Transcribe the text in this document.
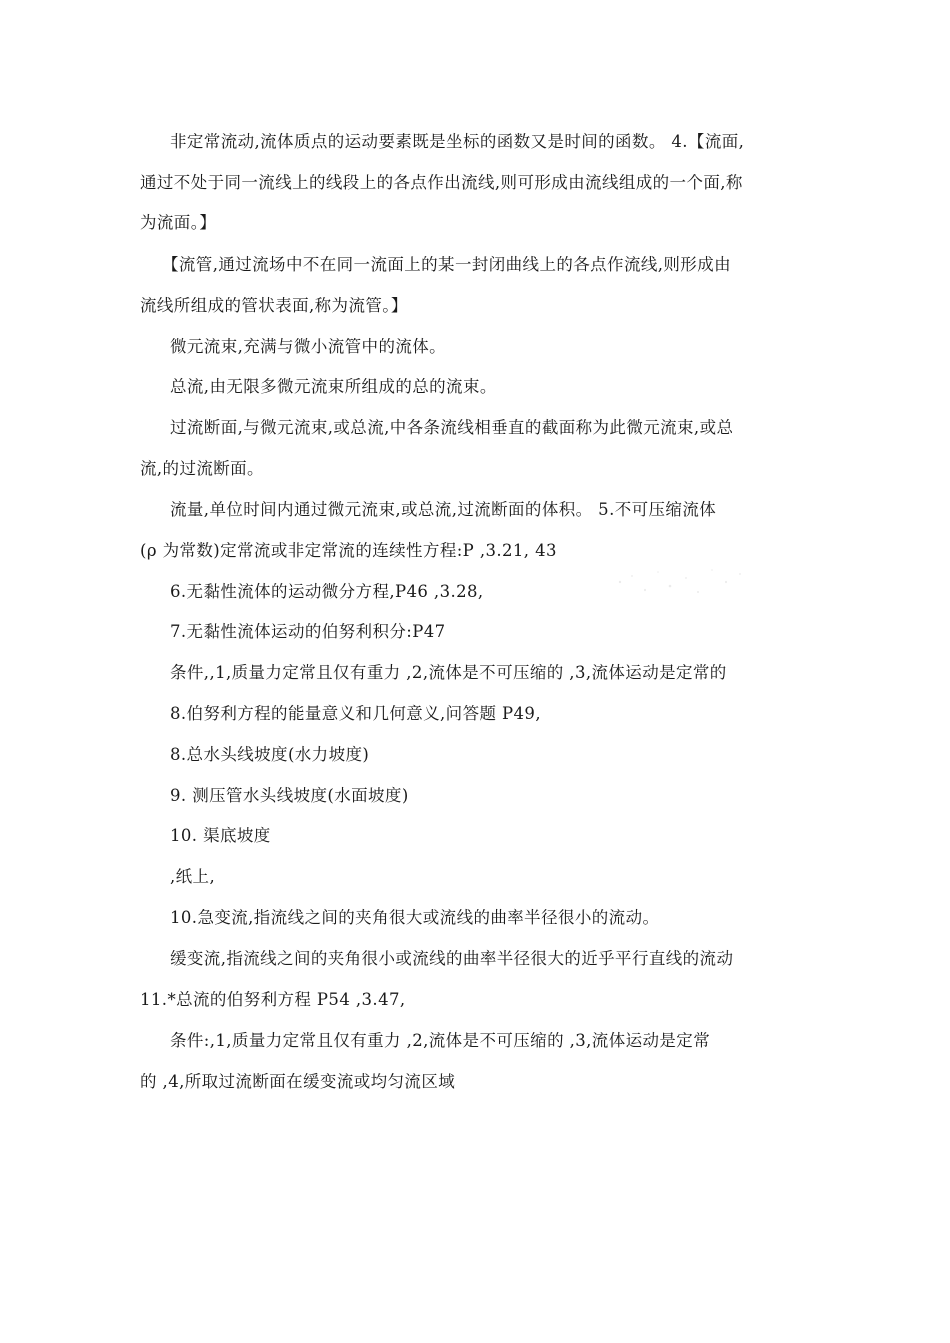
非定常流动,流体质点的运动要素既是坐标的函数又是时间的函数。 4.【流面,
通过不处于同一流线上的线段上的各点作出流线,则可形成由流线组成的一个面,称
为流面。】
【流管,通过流场中不在同一流面上的某一封闭曲线上的各点作流线,则形成由
流线所组成的管状表面,称为流管。】
微元流束,充满与微小流管中的流体。
总流,由无限多微元流束所组成的总的流束。
过流断面,与微元流束,或总流,中各条流线相垂直的截面称为此微元流束,或总
流,的过流断面。
流量,单位时间内通过微元流束,或总流,过流断面的体积。 5.不可压缩流体
(ρ 为常数)定常流或非定常流的连续性方程:P ,3.21, 43
6.无黏性流体的运动微分方程,P46 ,3.28,
7.无黏性流体运动的伯努利积分:P47
条件,,1,质量力定常且仅有重力 ,2,流体是不可压缩的 ,3,流体运动是定常的
8.伯努利方程的能量意义和几何意义,问答题 P49,
8.总水头线坡度(水力坡度)
9. 测压管水头线坡度(水面坡度)
10. 渠底坡度
,纸上,
10.急变流,指流线之间的夹角很大或流线的曲率半径很小的流动。
缓变流,指流线之间的夹角很小或流线的曲率半径很大的近乎平行直线的流动
11.*总流的伯努利方程 P54 ,3.47,
条件:,1,质量力定常且仅有重力 ,2,流体是不可压缩的 ,3,流体运动是定常
的 ,4,所取过流断面在缓变流或均匀流区域
